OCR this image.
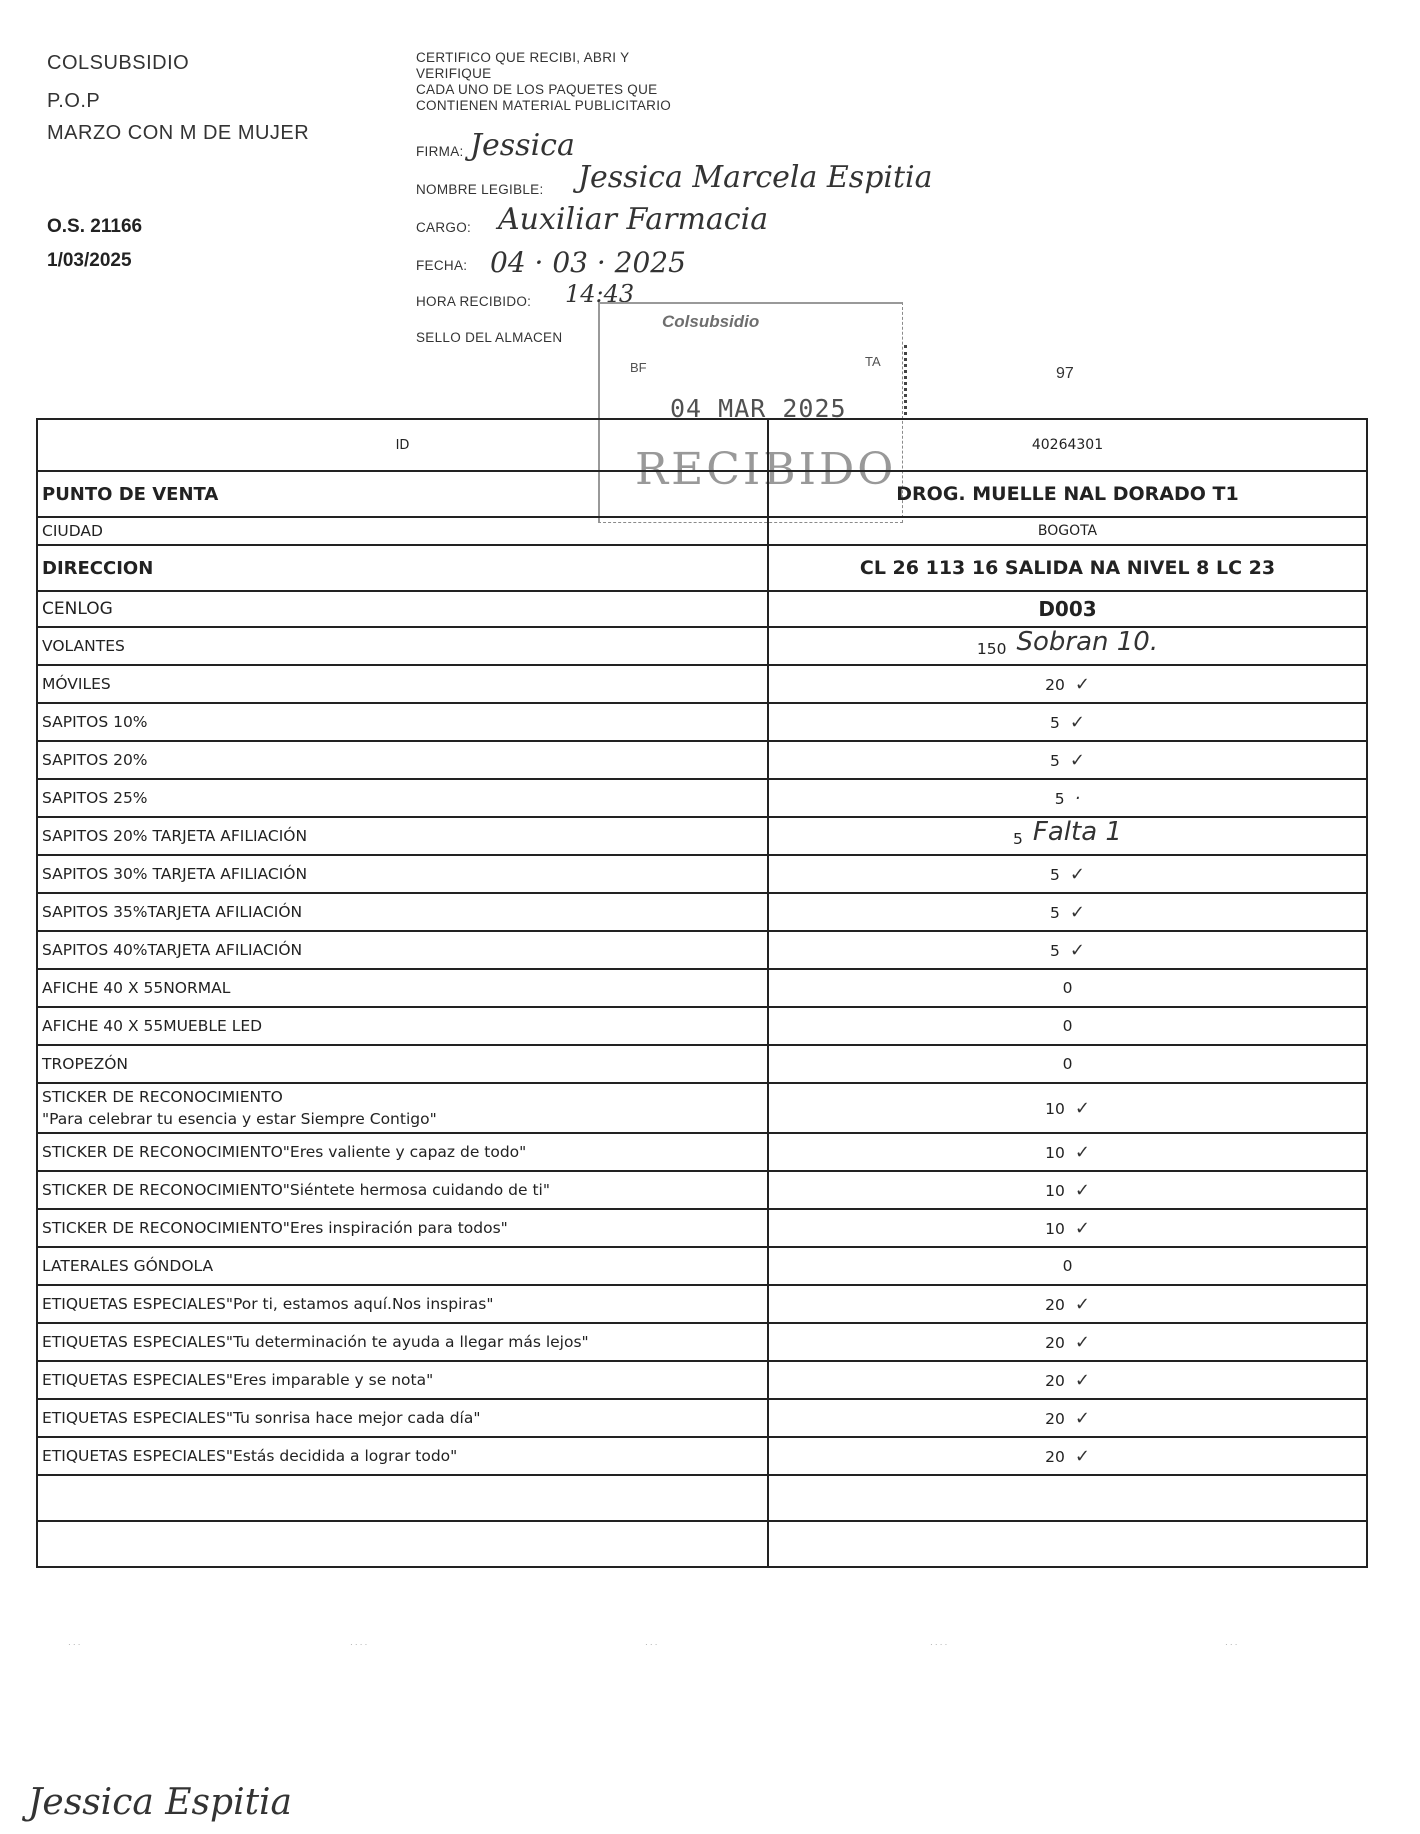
COLSUBSIDIO
P.O.P
MARZO CON M DE MUJER
O.S. 21166
1/03/2025
CERTIFICO QUE RECIBI, ABRI Y
VERIFIQUE
CADA UNO DE LOS PAQUETES QUE
CONTIENEN MATERIAL PUBLICITARIO
FIRMA: Jessica
NOMBRE LEGIBLE: Jessica Marcela Espitia
CARGO: Auxiliar Farmacia
FECHA: 04 · 03 · 2025
HORA RECIBIDO: 14:43
SELLO DEL ALMACEN
Colsubsidio
BF	TA
04 MAR 2025
RECIBIDO
97
ID	40264301
PUNTO DE VENTA	DROG. MUELLE NAL DORADO T1
CIUDAD	BOGOTA
DIRECCION	CL 26 113 16 SALIDA NA NIVEL 8 LC 23
CENLOG	D003
VOLANTES	150 Sobran 10.
MÓVILES	20 ✓
SAPITOS 10%	5 ✓
SAPITOS 20%	5 ✓
SAPITOS 25%	5 ·
SAPITOS 20% TARJETA AFILIACIÓN	5 Falta 1
SAPITOS 30% TARJETA AFILIACIÓN	5 ✓
SAPITOS 35%TARJETA AFILIACIÓN	5 ✓
SAPITOS 40%TARJETA AFILIACIÓN	5 ✓
AFICHE 40 X 55NORMAL	0
AFICHE 40 X 55MUEBLE LED	0
TROPEZÓN	0

STICKER DE RECONOCIMIENTO
"Para celebrar tu esencia y estar Siempre Contigo"	10 ✓
STICKER DE RECONOCIMIENTO"Eres valiente y capaz de todo"	10 ✓
STICKER DE RECONOCIMIENTO"Siéntete hermosa cuidando de ti"	10 ✓
STICKER DE RECONOCIMIENTO"Eres inspiración para todos"	10 ✓
LATERALES GÓNDOLA	0
ETIQUETAS ESPECIALES"Por ti, estamos aquí.Nos inspiras"	20 ✓
ETIQUETAS ESPECIALES"Tu determinación te ayuda a llegar más lejos"	20 ✓
ETIQUETAS ESPECIALES"Eres imparable y se nota"	20 ✓
ETIQUETAS ESPECIALES"Tu sonrisa hace mejor cada día"	20 ✓
ETIQUETAS ESPECIALES"Estás decidida a lograr todo"	20 ✓

Jessica Espitia
· · ·	· · · ·	· · ·	· · · ·	· · ·
